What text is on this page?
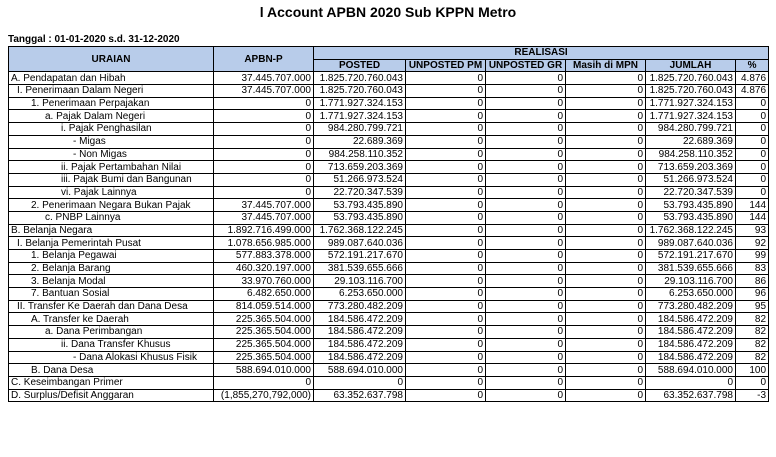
l Account APBN 2020 Sub KPPN Metro
Tanggal : 01-01-2020 s.d. 31-12-2020
URAIAN	APBN-P	REALISASI					
		POSTED	UNPOSTED PM	UNPOSTED GR	Masih di MPN	JUMLAH	%
A. Pendapatan dan Hibah	37.445.707.000	1.825.720.760.043	0	0	0	1.825.720.760.043	4.876
I. Penerimaan Dalam Negeri	37.445.707.000	1.825.720.760.043	0	0	0	1.825.720.760.043	4.876
1. Penerimaan Perpajakan	0	1.771.927.324.153	0	0	0	1.771.927.324.153	0
a. Pajak Dalam Negeri	0	1.771.927.324.153	0	0	0	1.771.927.324.153	0
i. Pajak Penghasilan	0	984.280.799.721	0	0	0	984.280.799.721	0
- Migas	0	22.689.369	0	0	0	22.689.369	0
- Non Migas	0	984.258.110.352	0	0	0	984.258.110.352	0
ii. Pajak Pertambahan Nilai	0	713.659.203.369	0	0	0	713.659.203.369	0
iii. Pajak Bumi dan Bangunan	0	51.266.973.524	0	0	0	51.266.973.524	0
vi. Pajak Lainnya	0	22.720.347.539	0	0	0	22.720.347.539	0
2. Penerimaan Negara Bukan Pajak	37.445.707.000	53.793.435.890	0	0	0	53.793.435.890	144
c. PNBP Lainnya	37.445.707.000	53.793.435.890	0	0	0	53.793.435.890	144
B. Belanja Negara	1.892.716.499.000	1.762.368.122.245	0	0	0	1.762.368.122.245	93
I. Belanja Pemerintah Pusat	1.078.656.985.000	989.087.640.036	0	0	0	989.087.640.036	92
1. Belanja Pegawai	577.883.378.000	572.191.217.670	0	0	0	572.191.217.670	99
2. Belanja Barang	460.320.197.000	381.539.655.666	0	0	0	381.539.655.666	83
3. Belanja Modal	33.970.760.000	29.103.116.700	0	0	0	29.103.116.700	86
7. Bantuan Sosial	6.482.650.000	6.253.650.000	0	0	0	6.253.650.000	96
II. Transfer Ke Daerah dan Dana Desa	814.059.514.000	773.280.482.209	0	0	0	773.280.482.209	95
A. Transfer ke Daerah	225.365.504.000	184.586.472.209	0	0	0	184.586.472.209	82
a. Dana Perimbangan	225.365.504.000	184.586.472.209	0	0	0	184.586.472.209	82
ii. Dana Transfer Khusus	225.365.504.000	184.586.472.209	0	0	0	184.586.472.209	82
- Dana Alokasi Khusus Fisik	225.365.504.000	184.586.472.209	0	0	0	184.586.472.209	82
B. Dana Desa	588.694.010.000	588.694.010.000	0	0	0	588.694.010.000	100
C. Keseimbangan Primer	0	0	0	0	0	0	0
D. Surplus/Defisit Anggaran	(1,855,270,792,000)	63.352.637.798	0	0	0	63.352.637.798	-3
